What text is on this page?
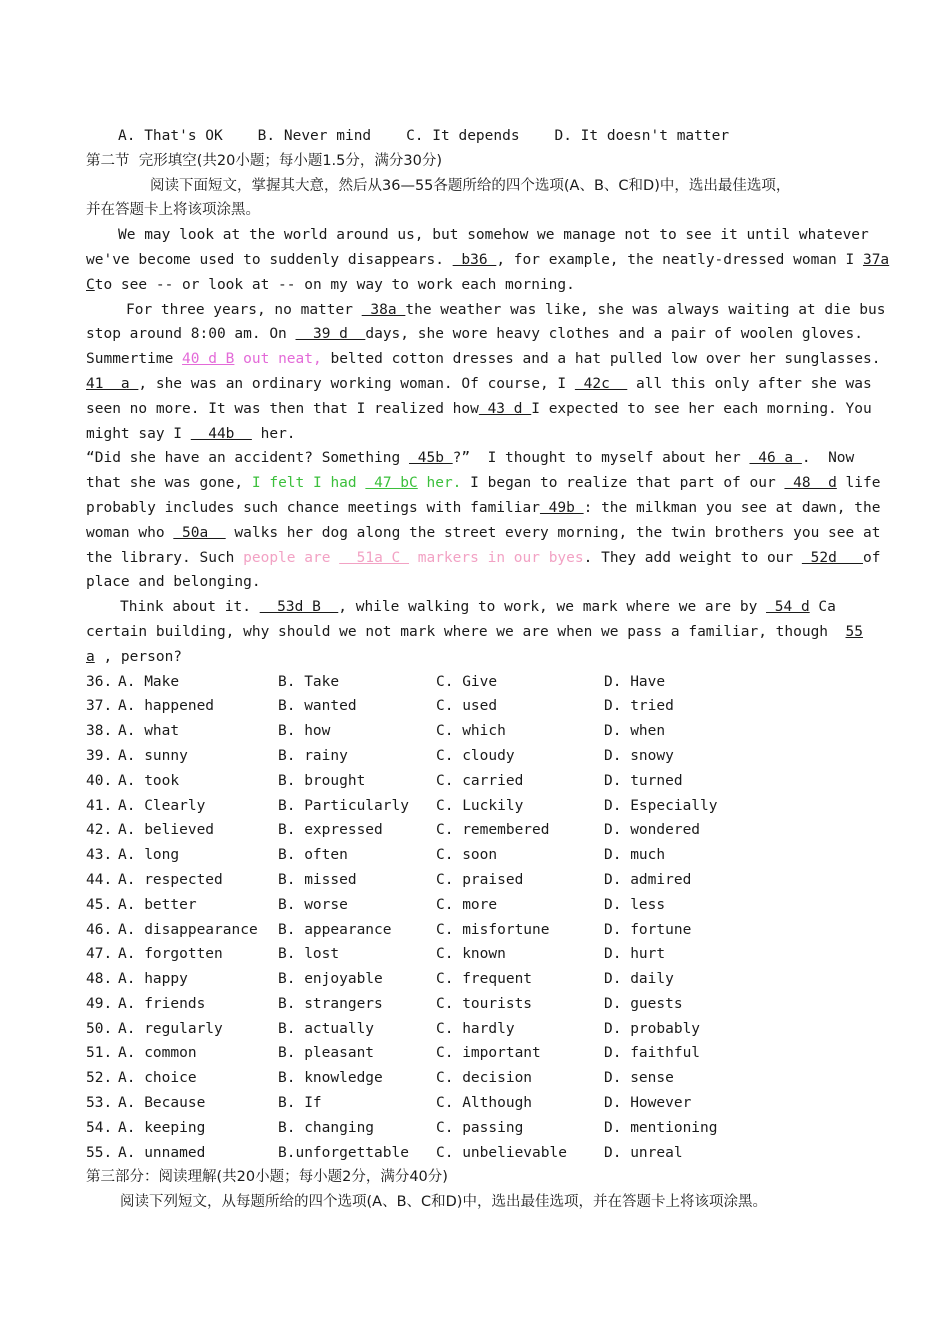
A. That's OK    B. Never mind    C. It depends    D. It doesn't matter
第二节  完形填空(共20小题；每小题1.5分，满分30分)
阅读下面短文，掌握其大意，然后从36—55各题所给的四个选项(A、B、C和D)中，选出最佳选项，
并在答题卡上将该项涂黑。
We may look at the world around us, but somehow we manage not to see it until whatever
we've become used to suddenly disappears.  b36 , for example, the neatly-dressed woman I 37a
Cto see -- or look at -- on my way to work each morning.
For three years, no matter  38a the weather was like, she was always waiting at die bus
stop around 8:00 am. On   39 d  days, she wore heavy clothes and a pair of woolen gloves.
Summertime 40 d B out neat, belted cotton dresses and a hat pulled low over her sunglasses.
41  a , she was an ordinary working woman. Of course, I  42c   all this only after she was
seen no more. It was then that I realized how 43 d I expected to see her each morning. You
might say I   44b   her.
“Did she have an accident? Something  45b ?”  I thought to myself about her  46 a .  Now
that she was gone, I felt I had  47 bC her. I began to realize that part of our  48  d life
probably includes such chance meetings with familiar 49b : the milkman you see at dawn, the
woman who  50a   walks her dog along the street every morning, the twin brothers you see at
the library. Such people are   51a C  markers in our byes. They add weight to our  52d   of
place and belonging.
Think about it.   53d B  , while walking to work, we mark where we are by  54 d Ca
certain building, why should we not mark where we are when we pass a familiar, though  55
a , person?
36. A. Make	B. Take	C. Give	D. Have
37. A. happened	B. wanted	C. used	D. tried
38. A. what	B. how	C. which	D. when
39. A. sunny	B. rainy	C. cloudy	D. snowy
40. A. took	B. brought	C. carried	D. turned
41. A. Clearly	B. Particularly C. Luckily	D. Especially
42. A. believed	B. expressed	C. remembered	D. wondered
43. A. long	B. often	C. soon	D. much
44. A. respected	B. missed	C. praised	D. admired
45. A. better	B. worse	C. more	D. less
46. A. disappearance B. appearance	C. misfortune	D. fortune
47. A. forgotten	B. lost	C. known	D. hurt
48. A. happy	B. enjoyable	C. frequent	D. daily
49. A. friends	B. strangers	C. tourists	D. guests
50. A. regularly	B. actually	C. hardly	D. probably
51. A. common	B. pleasant	C. important	D. faithful
52. A. choice	B. knowledge	C. decision	D. sense
53. A. Because	B. If	C. Although	D. However
54. A. keeping	B. changing	C. passing	D. mentioning
55. A. unnamed	B.unforgettable C. unbelievable	D. unreal
第三部分：阅读理解(共20小题；每小题2分，满分40分)
阅读下列短文，从每题所给的四个选项(A、B、C和D)中，选出最佳选项，并在答题卡上将该项涂黑。
